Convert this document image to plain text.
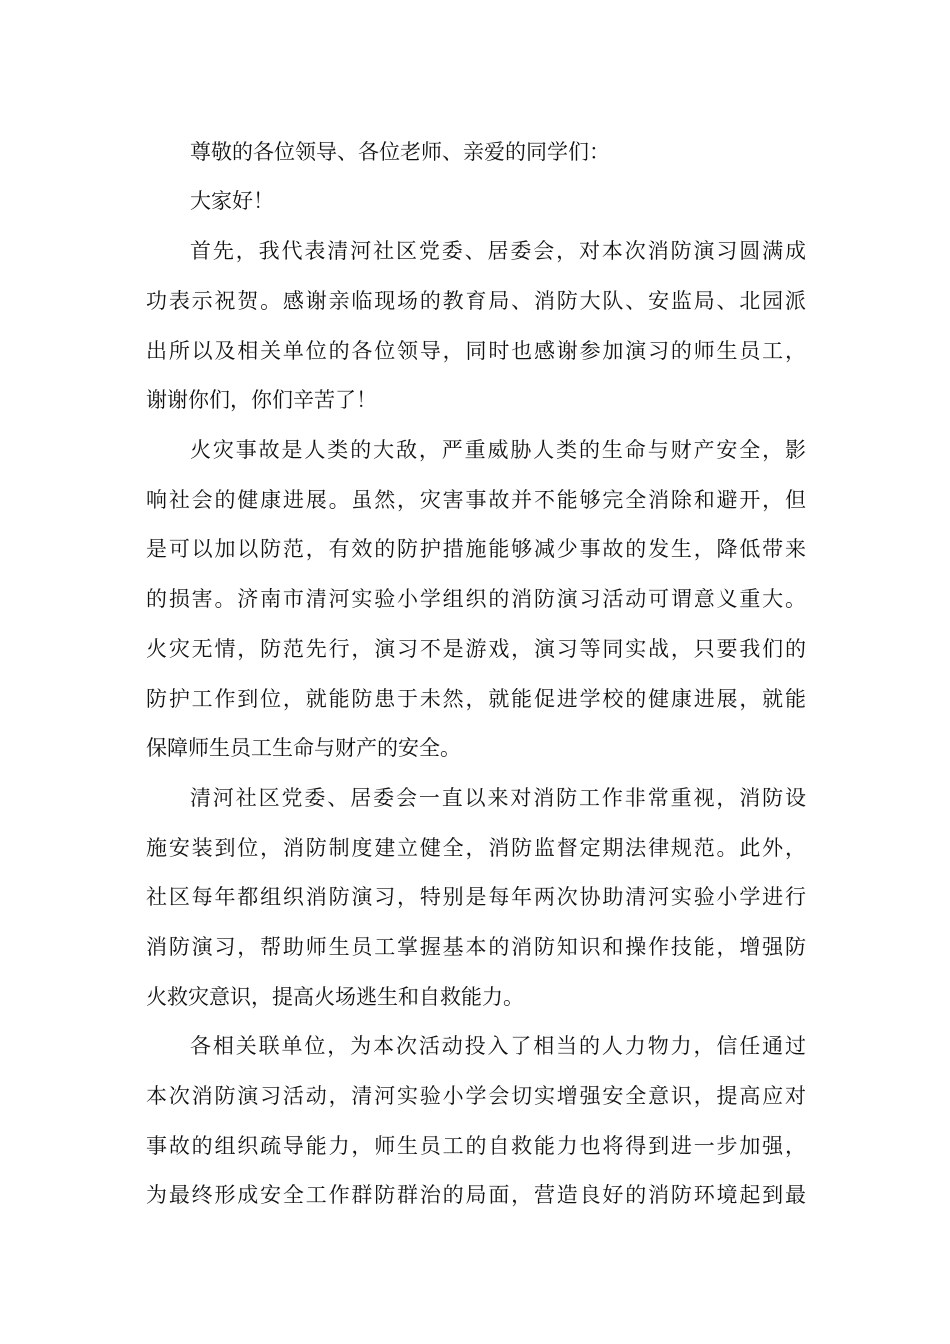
尊敬的各位领导、各位老师、亲爱的同学们：
大家好！
首先，我代表清河社区党委、居委会，对本次消防演习圆满成
功表示祝贺。感谢亲临现场的教育局、消防大队、安监局、北园派
出所以及相关单位的各位领导，同时也感谢参加演习的师生员工，
谢谢你们，你们辛苦了！
火灾事故是人类的大敌，严重威胁人类的生命与财产安全，影
响社会的健康进展。虽然，灾害事故并不能够完全消除和避开，但
是可以加以防范，有效的防护措施能够减少事故的发生，降低带来
的损害。济南市清河实验小学组织的消防演习活动可谓意义重大。
火灾无情，防范先行，演习不是游戏，演习等同实战，只要我们的
防护工作到位，就能防患于未然，就能促进学校的健康进展，就能
保障师生员工生命与财产的安全。
清河社区党委、居委会一直以来对消防工作非常重视，消防设
施安装到位，消防制度建立健全，消防监督定期法律规范。此外，
社区每年都组织消防演习，特别是每年两次协助清河实验小学进行
消防演习，帮助师生员工掌握基本的消防知识和操作技能，增强防
火救灾意识，提高火场逃生和自救能力。
各相关联单位，为本次活动投入了相当的人力物力，信任通过
本次消防演习活动，清河实验小学会切实增强安全意识，提高应对
事故的组织疏导能力，师生员工的自救能力也将得到进一步加强，
为最终形成安全工作群防群治的局面，营造良好的消防环境起到最
